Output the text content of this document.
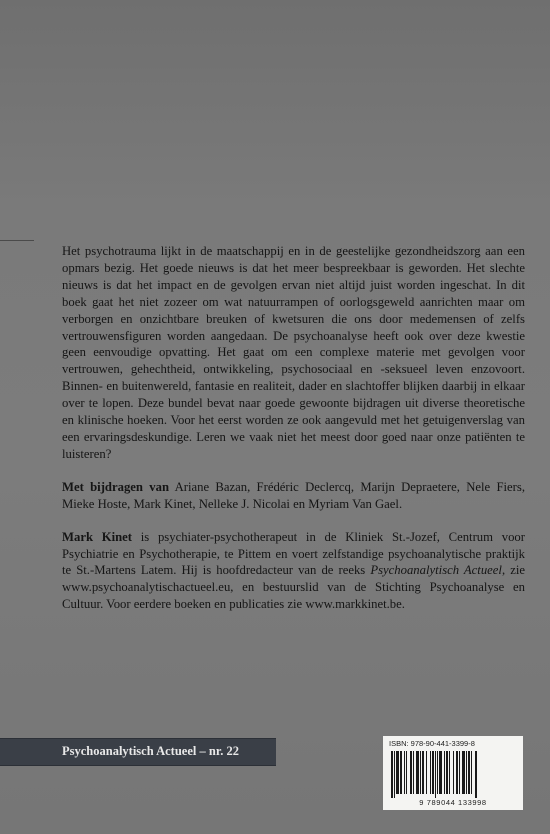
Het psychotrauma lijkt in de maatschappij en in de geestelijke gezondheidszorg aan een opmars bezig. Het goede nieuws is dat het meer bespreekbaar is geworden. Het slechte nieuws is dat het impact en de gevolgen ervan niet altijd juist worden ingeschat. In dit boek gaat het niet zozeer om wat natuurrampen of oorlogsgeweld aanrichten maar om verborgen en onzichtbare breuken of kwetsuren die ons door medemensen of zelfs vertrouwensfiguren worden aangedaan. De psychoanalyse heeft ook over deze kwestie geen eenvoudige opvatting. Het gaat om een complexe materie met gevolgen voor vertrouwen, gehechtheid, ontwikkeling, psychosociaal en -seksueel leven enzovoort. Binnen- en buitenwereld, fantasie en realiteit, dader en slachtoffer blijken daarbij in elkaar over te lopen. Deze bundel bevat naar goede gewoonte bijdragen uit diverse theoretische en klinische hoeken. Voor het eerst worden ze ook aangevuld met het getuigenverslag van een ervaringsdeskundige. Leren we vaak niet het meest door goed naar onze patiënten te luisteren?

Met bijdragen van Ariane Bazan, Frédéric Declercq, Marijn Depraetere, Nele Fiers, Mieke Hoste, Mark Kinet, Nelleke J. Nicolai en Myriam Van Gael.

Mark Kinet is psychiater-psychotherapeut in de Kliniek St.-Jozef, Centrum voor Psychiatrie en Psychotherapie, te Pittem en voert zelfstandige psychoanalytische praktijk te St.-Martens Latem. Hij is hoofdredacteur van de reeks Psychoanalytisch Actueel, zie www.psychoanalytischactueel.eu, en bestuurslid van de Stichting Psychoanalyse en Cultuur. Voor eerdere boeken en publicaties zie www.markkinet.be.

Psychoanalytisch Actueel – nr. 22
ISBN: 978-90-441-3399-8
9 789044 133998
